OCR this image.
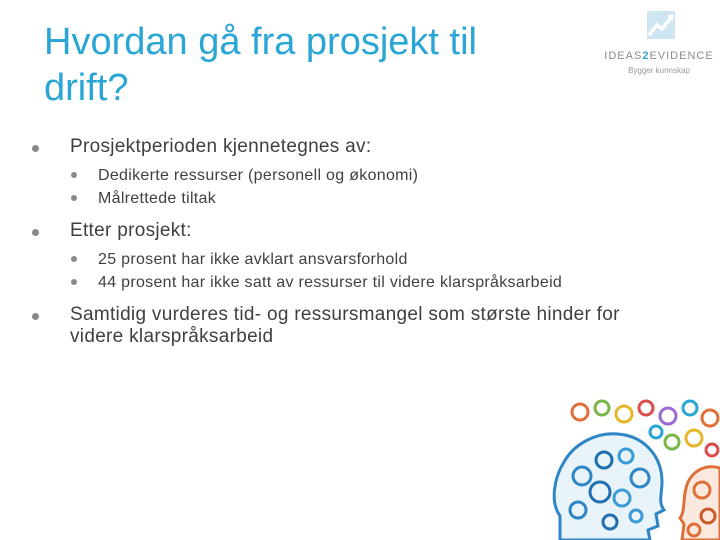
Hvordan gå fra prosjekt til drift?
IDEAS2EVIDENCE
Bygger kunnskap
Prosjektperioden kjennetegnes av:
Dedikerte ressurser (personell og økonomi)
Målrettede tiltak
Etter prosjekt:
25 prosent har ikke avklart ansvarsforhold
44 prosent har ikke satt av ressurser til videre klarspråksarbeid
Samtidig vurderes tid- og ressursmangel som største hinder for videre klarspråksarbeid
